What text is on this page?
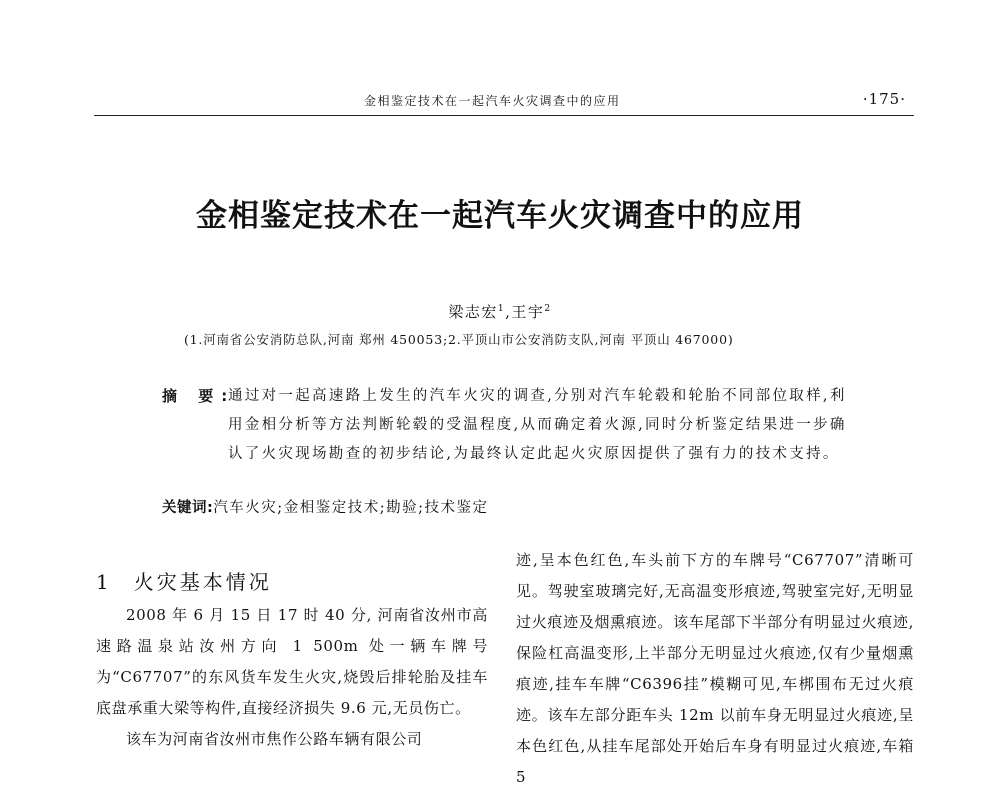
金相鉴定技术在一起汽车火灾调查中的应用	·175·
金相鉴定技术在一起汽车火灾调查中的应用
梁志宏$^1$,王宇$^2$
(1.河南省公安消防总队,河南 郑州 450053;2.平顶山市公安消防支队,河南 平顶山 467000)
摘 要:
通过对一起高速路上发生的汽车火灾的调查,分别对汽车轮毂和轮胎不同部位取样,利用金相分析等方法判断轮毂的受温程度,从而确定着火源,同时分析鉴定结果进一步确认了火灾现场勘查的初步结论,为最终认定此起火灾原因提供了强有力的技术支持。
关键词:汽车火灾;金相鉴定技术;勘验;技术鉴定
1 火灾基本情况

2008 年 6 月 15 日 17 时 40 分, 河南省汝州市高速路温泉站汝州方向 1 500m 处一辆车牌号为“C67707”的东风货车发生火灾,烧毁后排轮胎及挂车底盘承重大梁等构件,直接经济损失 9.6 元,无员伤亡。

该车为河南省汝州市焦作公路车辆有限公司

迹,呈本色红色,车头前下方的车牌号“C67707”清晰可见。驾驶室玻璃完好,无高温变形痕迹,驾驶室完好,无明显过火痕迹及烟熏痕迹。该车尾部下半部分有明显过火痕迹,保险杠高温变形,上半部分无明显过火痕迹,仅有少量烟熏痕迹,挂车车牌“C6396挂”模糊可见,车梆围布无过火痕迹。该车左部分距车头 12m 以前车身无明显过火痕迹,呈本色红色,从挂车尾部处开始后车身有明显过火痕迹,车箱 5
